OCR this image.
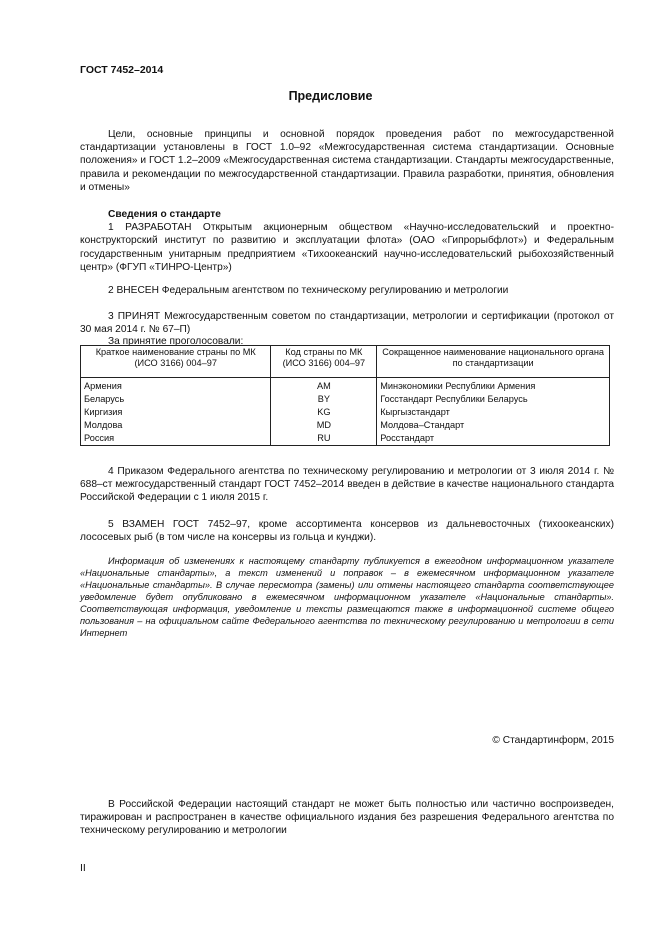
ГОСТ 7452–2014
Предисловие
Цели, основные принципы и основной порядок проведения работ по межгосударственной стандартизации установлены в ГОСТ 1.0–92 «Межгосударственная система стандартизации. Основные положения» и ГОСТ 1.2–2009 «Межгосударственная система стандартизации. Стандарты межгосударственные, правила и рекомендации по межгосударственной стандартизации. Правила разработки, принятия, обновления и отмены»
Сведения о стандарте
1 РАЗРАБОТАН Открытым акционерным обществом «Научно-исследовательский и проектно-конструкторский институт по развитию и эксплуатации флота» (ОАО «Гипрорыбфлот») и Федеральным государственным унитарным предприятием «Тихоокеанский научно-исследовательский рыбохозяйственный центр» (ФГУП «ТИНРО-Центр»)
2 ВНЕСЕН Федеральным агентством по техническому регулированию и метрологии
3 ПРИНЯТ Межгосударственным советом по стандартизации, метрологии и сертификации (протокол от 30 мая 2014 г. № 67–П)
За принятие проголосовали:
Краткое наименование страны по МК (ИСО 3166) 004–97	Код страны по МК (ИСО 3166) 004–97	Сокращенное наименование национального органа по стандартизации
Армения	AM	Минэкономики Республики Армения
Беларусь	BY	Госстандарт Республики Беларусь
Киргизия	KG	Кыргызстандарт
Молдова	MD	Молдова–Стандарт
Россия	RU	Росстандарт
4 Приказом Федерального агентства по техническому регулированию и метрологии от 3 июля 2014 г. № 688–ст межгосударственный стандарт ГОСТ 7452–2014 введен в действие в качестве национального стандарта Российской Федерации с 1 июля 2015 г.
5 ВЗАМЕН ГОСТ 7452–97, кроме ассортимента консервов из дальневосточных (тихоокеанских) лососевых рыб (в том числе на консервы из гольца и кунджи).
Информация об изменениях к настоящему стандарту публикуется в ежегодном информационном указателе «Национальные стандарты», а текст изменений и поправок – в ежемесячном информационном указателе «Национальные стандарты». В случае пересмотра (замены) или отмены настоящего стандарта соответствующее уведомление будет опубликовано в ежемесячном информационном указателе «Национальные стандарты». Соответствующая информация, уведомление и тексты размещаются также в информационной системе общего пользования – на официальном сайте Федерального агентства по техническому регулированию и метрологии в сети Интернет
© Стандартинформ, 2015
В Российской Федерации настоящий стандарт не может быть полностью или частично воспроизведен, тиражирован и распространен в качестве официального издания без разрешения Федерального агентства по техническому регулированию и метрологии
II
